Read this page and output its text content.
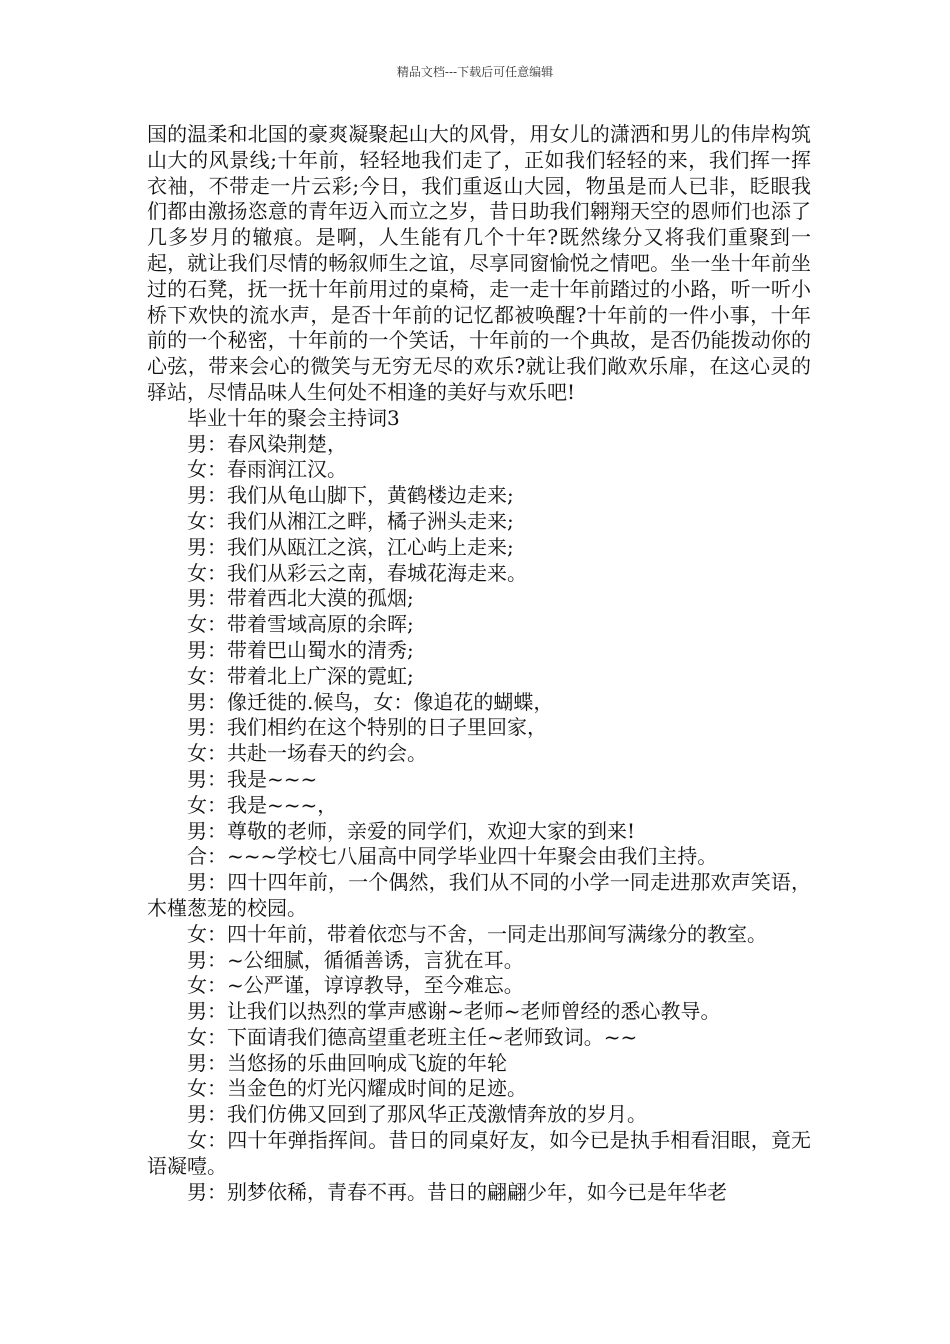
精品文档---下载后可任意编辑

国的温柔和北国的豪爽凝聚起山大的风骨，用女儿的潇洒和男儿的伟岸构筑山大的风景线;十年前，轻轻地我们走了，正如我们轻轻的来，我们挥一挥衣袖，不带走一片云彩;今日，我们重返山大园，物虽是而人已非，眨眼我们都由激扬恣意的青年迈入而立之岁，昔日助我们翱翔天空的恩师们也添了几多岁月的辙痕。是啊，人生能有几个十年?既然缘分又将我们重聚到一起，就让我们尽情的畅叙师生之谊，尽享同窗愉悦之情吧。坐一坐十年前坐过的石凳，抚一抚十年前用过的桌椅，走一走十年前踏过的小路，听一听小桥下欢快的流水声，是否十年前的记忆都被唤醒?十年前的一件小事，十年前的一个秘密，十年前的一个笑话，十年前的一个典故，是否仍能拨动你的心弦，带来会心的微笑与无穷无尽的欢乐?就让我们敞欢乐扉，在这心灵的驿站，尽情品味人生何处不相逢的美好与欢乐吧!

毕业十年的聚会主持词3

男：春风染荆楚，

女：春雨润江汉。

男：我们从龟山脚下，黄鹤楼边走来;

女：我们从湘江之畔，橘子洲头走来;

男：我们从瓯江之滨，江心屿上走来;

女：我们从彩云之南，春城花海走来。

男：带着西北大漠的孤烟;

女：带着雪域高原的余晖;

男：带着巴山蜀水的清秀;

女：带着北上广深的霓虹;

男：像迁徙的.候鸟，女：像追花的蝴蝶，

男：我们相约在这个特别的日子里回家，

女：共赴一场春天的约会。

男：我是~~~

女：我是~~~，

男：尊敬的老师，亲爱的同学们，欢迎大家的到来!

合：~~~学校七八届高中同学毕业四十年聚会由我们主持。

男：四十四年前，一个偶然，我们从不同的小学一同走进那欢声笑语，木槿葱茏的校园。

女：四十年前，带着依恋与不舍，一同走出那间写满缘分的教室。

男：~公细腻，循循善诱，言犹在耳。

女：~公严谨，谆谆教导，至今难忘。

男：让我们以热烈的掌声感谢~老师~老师曾经的悉心教导。

女：下面请我们德高望重老班主任~老师致词。~~

男：当悠扬的乐曲回响成飞旋的年轮

女：当金色的灯光闪耀成时间的足迹。

男：我们仿佛又回到了那风华正茂激情奔放的岁月。

女：四十年弹指挥间。昔日的同桌好友，如今已是执手相看泪眼，竟无语凝噎。

男：别梦依稀，青春不再。昔日的翩翩少年，如今已是年华老
